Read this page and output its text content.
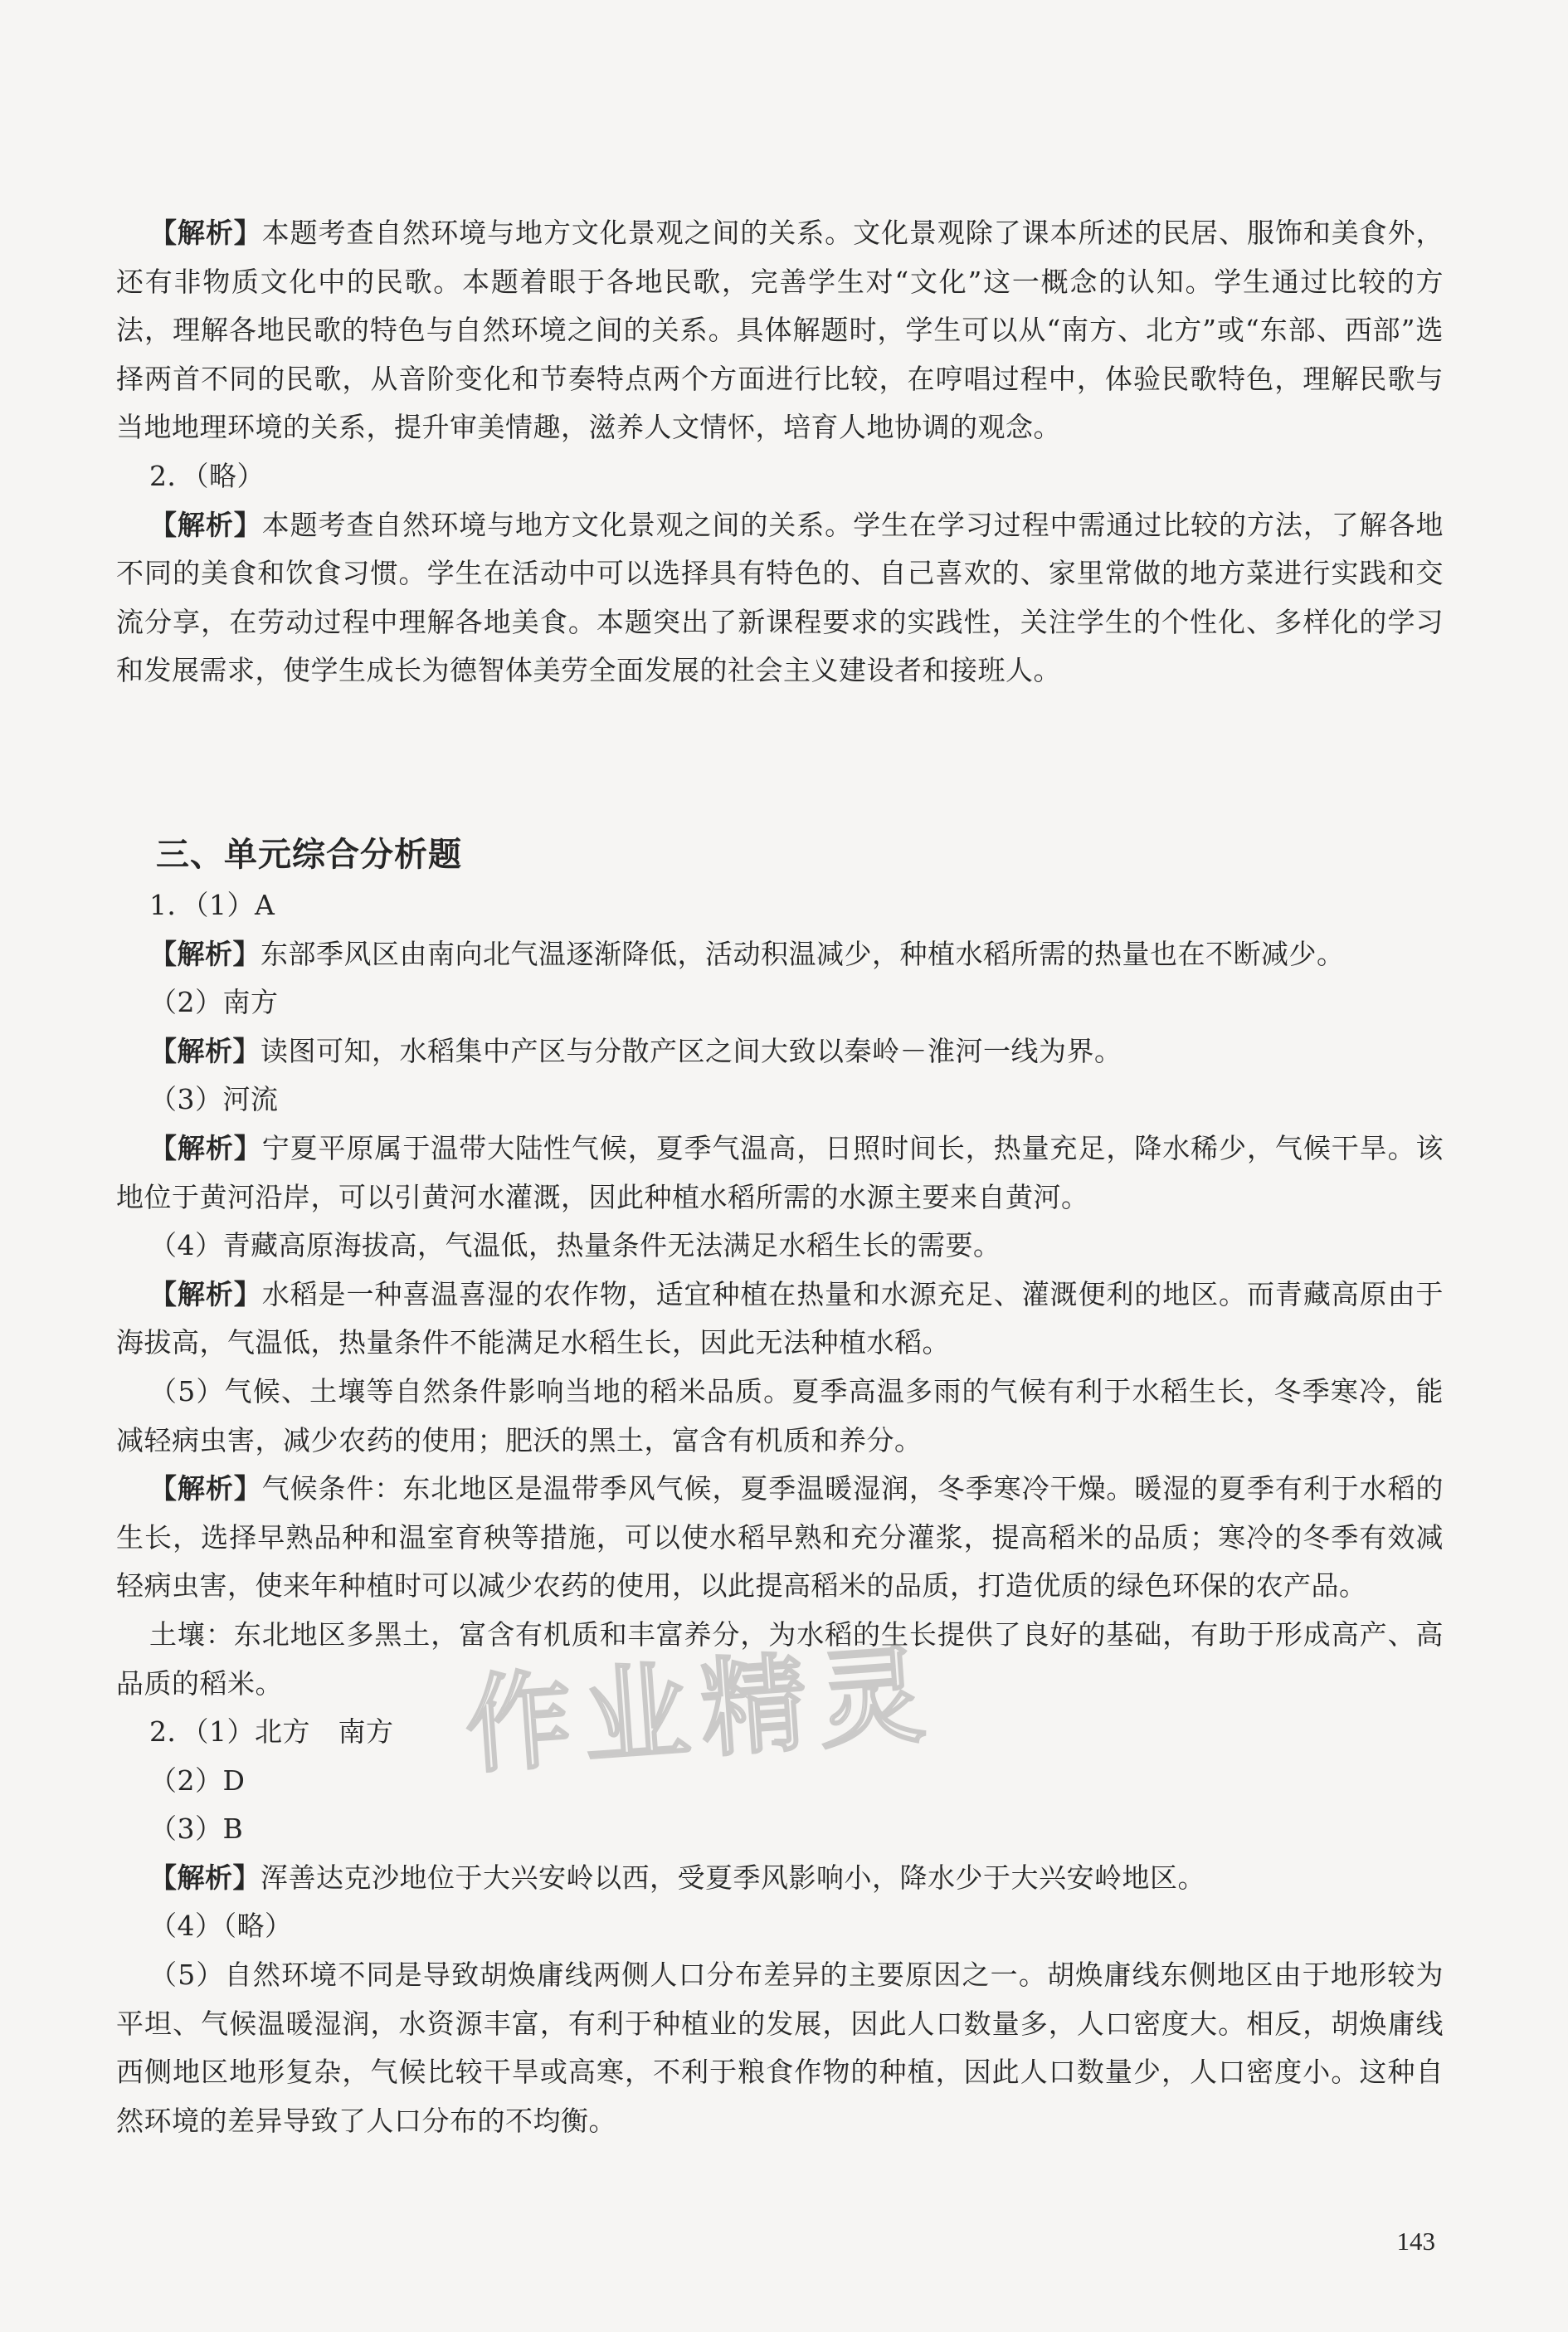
【解析】本题考查自然环境与地方文化景观之间的关系。文化景观除了课本所述的民居、服饰和美食外，还有非物质文化中的民歌。本题着眼于各地民歌，完善学生对“文化”这一概念的认知。学生通过比较的方法，理解各地民歌的特色与自然环境之间的关系。具体解题时，学生可以从“南方、北方”或“东部、西部”选择两首不同的民歌，从音阶变化和节奏特点两个方面进行比较，在哼唱过程中，体验民歌特色，理解民歌与当地地理环境的关系，提升审美情趣，滋养人文情怀，培育人地协调的观念。

2．（略）

【解析】本题考查自然环境与地方文化景观之间的关系。学生在学习过程中需通过比较的方法，了解各地不同的美食和饮食习惯。学生在活动中可以选择具有特色的、自己喜欢的、家里常做的地方菜进行实践和交流分享，在劳动过程中理解各地美食。本题突出了新课程要求的实践性，关注学生的个性化、多样化的学习和发展需求，使学生成长为德智体美劳全面发展的社会主义建设者和接班人。

三、单元综合分析题

1．（1）A

【解析】东部季风区由南向北气温逐渐降低，活动积温减少，种植水稻所需的热量也在不断减少。

（2）南方

【解析】读图可知，水稻集中产区与分散产区之间大致以秦岭－淮河一线为界。

（3）河流

【解析】宁夏平原属于温带大陆性气候，夏季气温高，日照时间长，热量充足，降水稀少，气候干旱。该地位于黄河沿岸，可以引黄河水灌溉，因此种植水稻所需的水源主要来自黄河。

（4）青藏高原海拔高，气温低，热量条件无法满足水稻生长的需要。

【解析】水稻是一种喜温喜湿的农作物，适宜种植在热量和水源充足、灌溉便利的地区。而青藏高原由于海拔高，气温低，热量条件不能满足水稻生长，因此无法种植水稻。

（5）气候、土壤等自然条件影响当地的稻米品质。夏季高温多雨的气候有利于水稻生长，冬季寒冷，能减轻病虫害，减少农药的使用；肥沃的黑土，富含有机质和养分。

【解析】气候条件：东北地区是温带季风气候，夏季温暖湿润，冬季寒冷干燥。暖湿的夏季有利于水稻的生长，选择早熟品种和温室育秧等措施，可以使水稻早熟和充分灌浆，提高稻米的品质；寒冷的冬季有效减轻病虫害，使来年种植时可以减少农药的使用，以此提高稻米的品质，打造优质的绿色环保的农产品。

土壤：东北地区多黑土，富含有机质和丰富养分，为水稻的生长提供了良好的基础，有助于形成高产、高品质的稻米。

2．（1）北方　南方

（2）D

（3）B

【解析】浑善达克沙地位于大兴安岭以西，受夏季风影响小，降水少于大兴安岭地区。

（4）（略）

（5）自然环境不同是导致胡焕庸线两侧人口分布差异的主要原因之一。胡焕庸线东侧地区由于地形较为平坦、气候温暖湿润，水资源丰富，有利于种植业的发展，因此人口数量多，人口密度大。相反，胡焕庸线西侧地区地形复杂，气候比较干旱或高寒，不利于粮食作物的种植，因此人口数量少，人口密度小。这种自然环境的差异导致了人口分布的不均衡。

作业精灵
143
